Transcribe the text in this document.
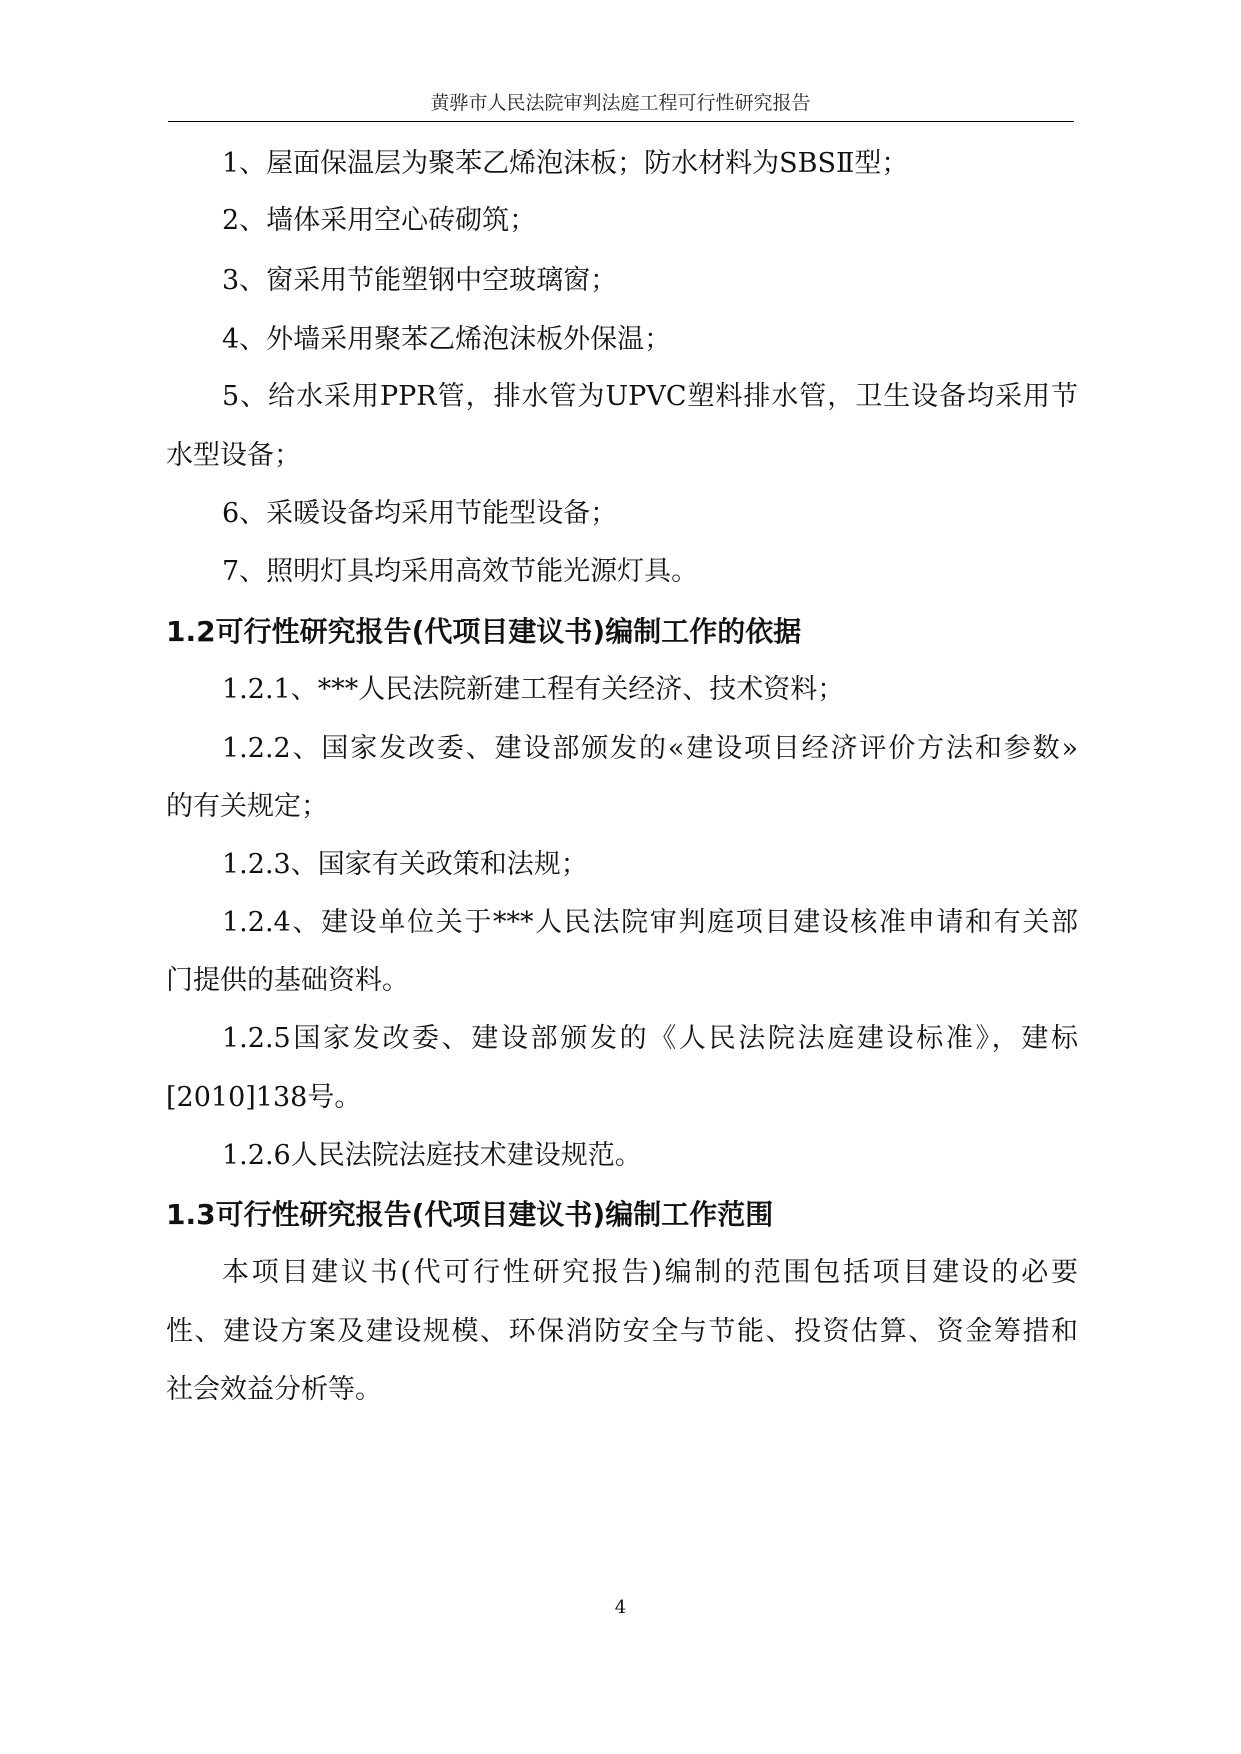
黄骅市人民法院审判法庭工程可行性研究报告
1、屋面保温层为聚苯乙烯泡沫板；防水材料为SBSⅡ型；
2、墙体采用空心砖砌筑；
3、窗采用节能塑钢中空玻璃窗；
4、外墙采用聚苯乙烯泡沫板外保温；
5、给水采用PPR管，排水管为UPVC塑料排水管，卫生设备均采用节
水型设备；
6、采暖设备均采用节能型设备；
7、照明灯具均采用高效节能光源灯具。
1.2可行性研究报告(代项目建议书)编制工作的依据
1.2.1、***人民法院新建工程有关经济、技术资料；
1.2.2、国家发改委、建设部颁发的«建设项目经济评价方法和参数»
的有关规定；
1.2.3、国家有关政策和法规；
1.2.4、建设单位关于***人民法院审判庭项目建设核准申请和有关部
门提供的基础资料。
1.2.5国家发改委、建设部颁发的《人民法院法庭建设标准》，建标
[2010]138号。
1.2.6人民法院法庭技术建设规范。
1.3可行性研究报告(代项目建议书)编制工作范围
本项目建议书(代可行性研究报告)编制的范围包括项目建设的必要
性、建设方案及建设规模、环保消防安全与节能、投资估算、资金筹措和
社会效益分析等。
4
